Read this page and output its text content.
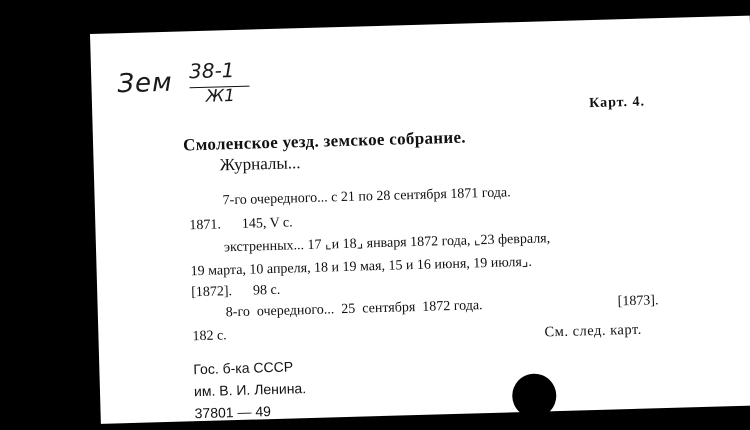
Зем 38-1
Ж1	Карт. 4.
Смоленское уезд. земское собрание.
Журналы...
7-го очередного... с 21 по 28 сентября 1871 года.
1871.      145, V с.
экстренных... 17 ⌞и 18⌟ января 1872 года, ⌞23 февраля,
19 марта, 10 апреля, 18 и 19 мая, 15 и 16 июня, 19 июля⌟.
[1872].      98 с.
8-го  очередного...  25  сентября  1872 года.	[1873].
182 с.	См. след. карт.
Гос. б-ка СССР
им. В. И. Ленина.
37801 — 49
